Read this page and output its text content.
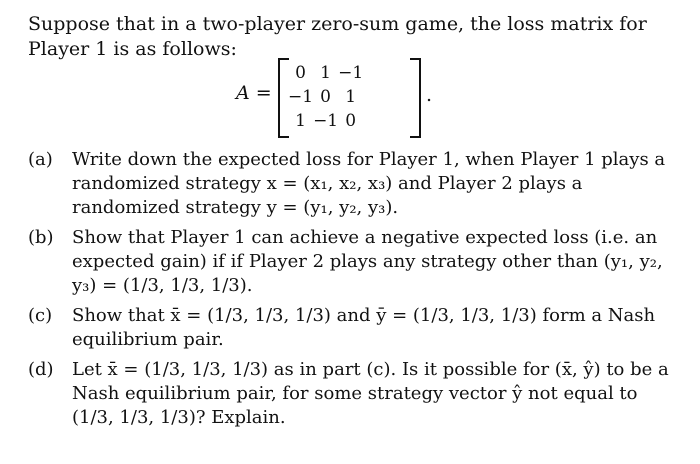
Suppose that in a two-player zero-sum game, the loss matrix for Player 1 is as follows:
A =
0	1	−1
−1	0	1
1	−1	0
.
(a) Write down the expected loss for Player 1, when Player 1 plays a randomized strategy x = (x₁, x₂, x₃) and Player 2 plays a randomized strategy y = (y₁, y₂, y₃).
(b) Show that Player 1 can achieve a negative expected loss (i.e. an expected gain) if if Player 2 plays any strategy other than (y₁, y₂, y₃) = (1/3, 1/3, 1/3).
(c) Show that x̄ = (1/3, 1/3, 1/3) and ȳ = (1/3, 1/3, 1/3) form a Nash equilibrium pair.
(d) Let x̄ = (1/3, 1/3, 1/3) as in part (c). Is it possible for (x̄, ŷ) to be a Nash equilibrium pair, for some strategy vector ŷ not equal to (1/3, 1/3, 1/3)? Explain.
